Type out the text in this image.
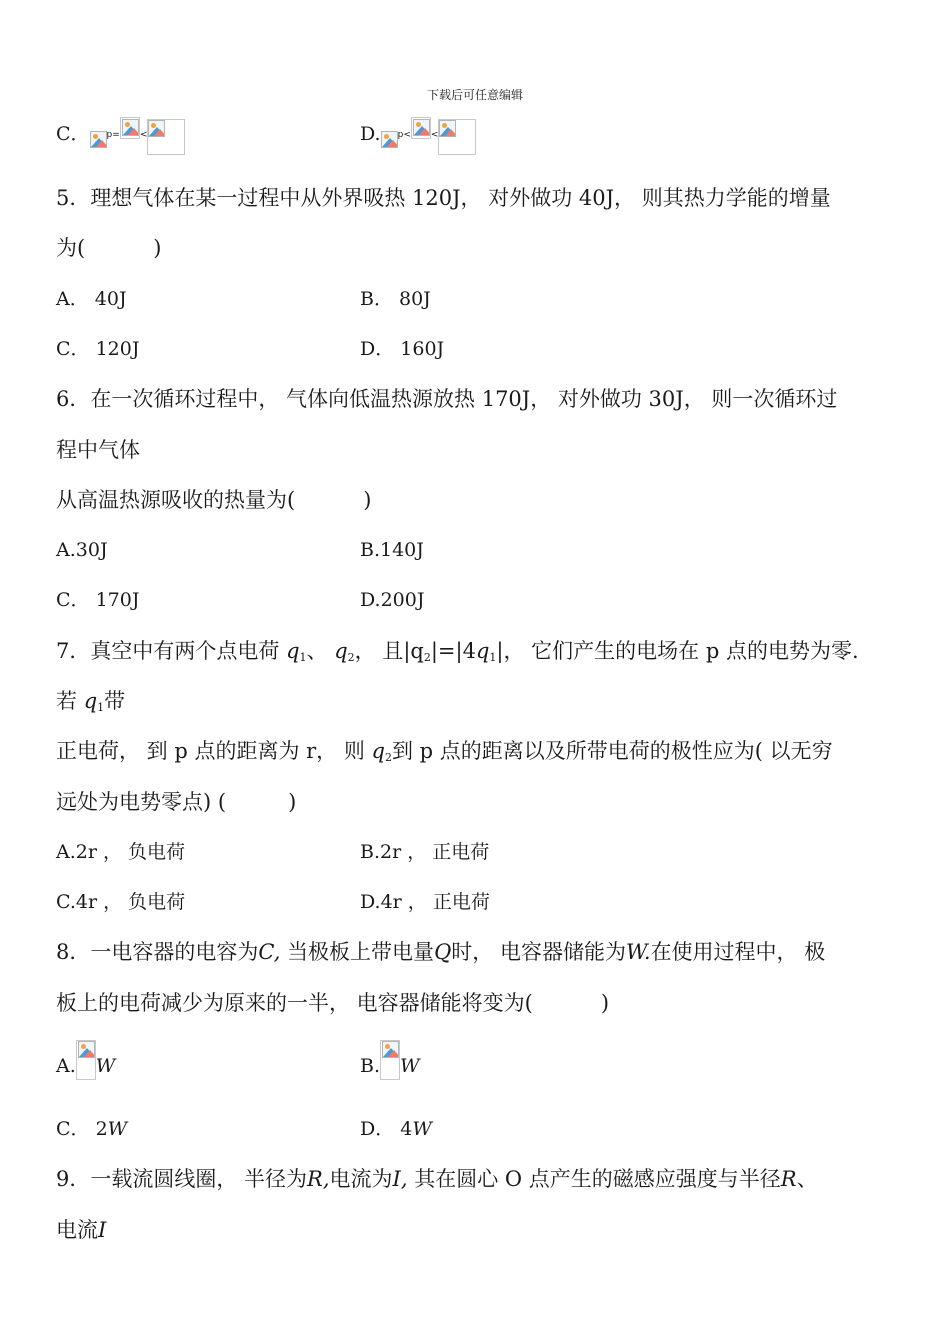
下载后可任意编辑
C． p= <	D. p< <
5．理想气体在某一过程中从外界吸热 120J， 对外做功 40J， 则其热力学能的增量
为(	)
A． 40J	B． 80J
C． 120J	D． 160J
6．在一次循环过程中， 气体向低温热源放热 170J， 对外做功 30J， 则一次循环过
程中气体
从高温热源吸收的热量为(	)
A.30J	B.140J
C． 170J	D.200J
7．真空中有两个点电荷 $q_1$、 $q_2$， 且$|q_2|=|4q_1|$， 它们产生的电场在 p 点的电势为零.
若 $q_1$带
正电荷， 到 p 点的距离为 r， 则 $q_2$到 p 点的距离以及所带电荷的极性应为( 以无穷
远处为电势零点) (	)
A.2r ， 负电荷	B.2r ， 正电荷
C.4r ， 负电荷	D.4r ， 正电荷
8．一电容器的电容为C, 当极板上带电量Q时， 电容器储能为W.在使用过程中， 极
板上的电荷减少为原来的一半， 电容器储能将变为(	)
A. W	B. W
C． 2W	D． 4W
9．一载流圆线圈， 半径为R,电流为I, 其在圆心 O 点产生的磁感应强度与半径R、
电流I
